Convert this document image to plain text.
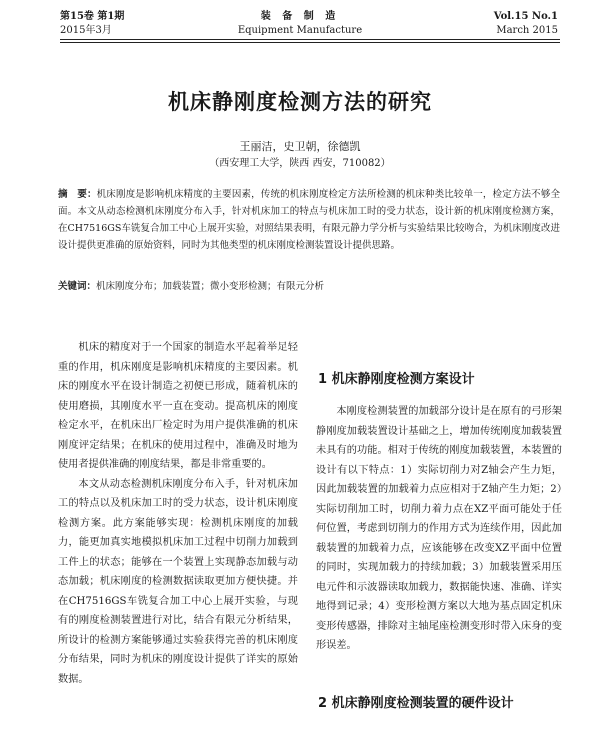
第15卷 第1期
2015年3月
装 备 制 造
Equipment Manufacture
Vol.15 No.1
March 2015
机床静刚度检测方法的研究
王丽洁，史卫朝，徐德凯
（西安理工大学，陕西 西安，710082）
摘　要：机床刚度是影响机床精度的主要因素，传统的机床刚度检定方法所检测的机床种类比较单一，检定方法不够全面。本文从动态检测机床刚度分布入手，针对机床加工的特点与机床加工时的受力状态，设计新的机床刚度检测方案，在CH7516GS车铣复合加工中心上展开实验，对照结果表明，有限元静力学分析与实验结果比较吻合，为机床刚度改进设计提供更准确的原始资料，同时为其他类型的机床刚度检测装置设计提供思路。
关键词：机床刚度分布；加载装置；微小变形检测；有限元分析

机床的精度对于一个国家的制造水平起着举足轻重的作用，机床刚度是影响机床精度的主要因素。机床的刚度水平在设计制造之初便已形成，随着机床的使用磨损，其刚度水平一直在变动。提高机床的刚度检定水平，在机床出厂检定时为用户提供准确的机床刚度评定结果；在机床的使用过程中，准确及时地为使用者提供准确的刚度结果，都是非常重要的。

本文从动态检测机床刚度分布入手，针对机床加工的特点以及机床加工时的受力状态，设计机床刚度检测方案。此方案能够实现：检测机床刚度的加载力，能更加真实地模拟机床加工过程中切削力加载到工件上的状态；能够在一个装置上实现静态加载与动态加载；机床刚度的检测数据读取更加方便快捷。并在CH7516GS车铣复合加工中心上展开实验，与现有的刚度检测装置进行对比，结合有限元分析结果，所设计的检测方案能够通过实验获得完善的机床刚度分布结果，同时为机床的刚度设计提供了详实的原始数据。

1 机床静刚度检测方案设计

本刚度检测装置的加载部分设计是在原有的弓形架静刚度加载装置设计基础之上，增加传统刚度加载装置未具有的功能。相对于传统的刚度加载装置，本装置的设计有以下特点：1）实际切削力对Z轴会产生力矩，因此加载装置的加载着力点应相对于Z轴产生力矩；2）实际切削加工时，切削力着力点在XZ平面可能处于任何位置，考虑到切削力的作用方式为连续作用，因此加载装置的加载着力点，应该能够在改变XZ平面中位置的同时，实现加载力的持续加载；3）加载装置采用压电元件和示波器读取加载力，数据能快速、准确、详实地得到记录；4）变形检测方案以大地为基点固定机床变形传感器，排除对主轴尾座检测变形时带入床身的变形误差。

2 机床静刚度检测装置的硬件设计
